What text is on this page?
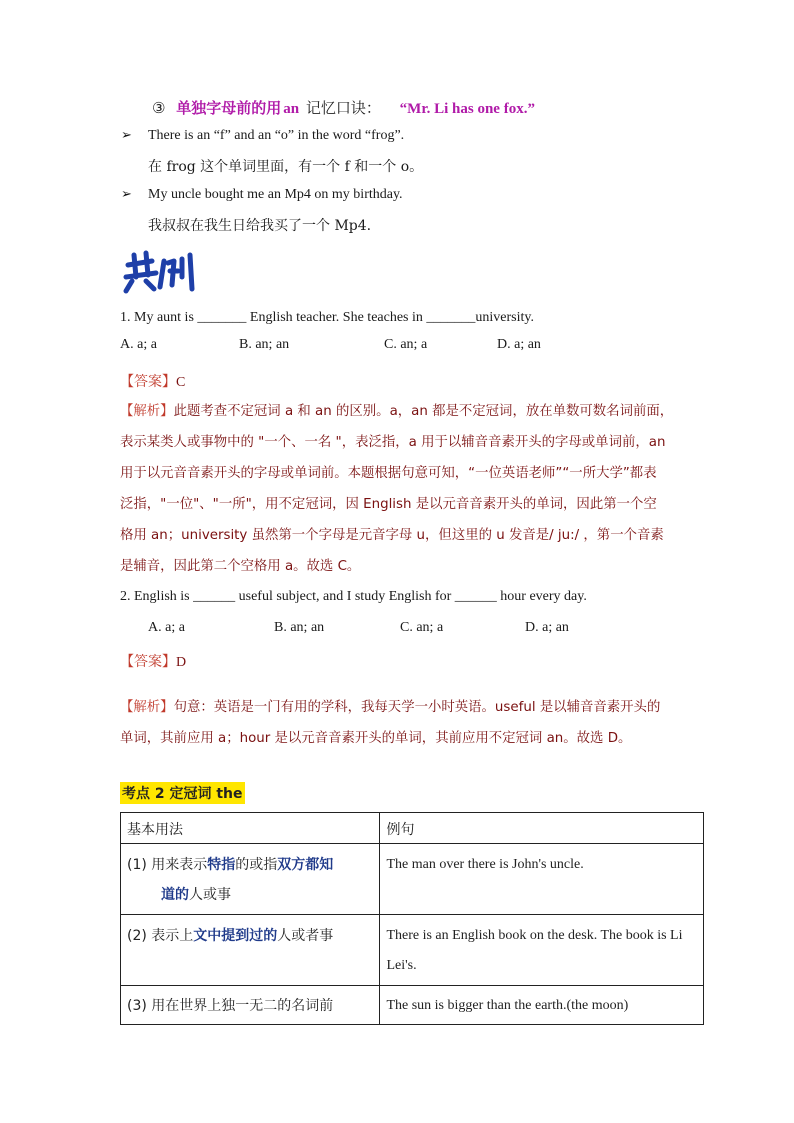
③ 单独字母前的用 an 记忆口诀： “Mr. Li has one fox.”
➢ There is an “f” and an “o” in the word “frog”.
在 frog 这个单词里面，有一个 f 和一个 o。
➢ My uncle bought me an Mp4 on my birthday.
我叔叔在我生日给我买了一个 Mp4.
1. My aunt is _______ English teacher. She teaches in _______university.
A. a; a	B. an; an	C. an; a	D. a; an
【答案】C
【解析】此题考查不定冠词 a 和 an 的区别。a，an 都是不定冠词，放在单数可数名词前面，
表示某类人或事物中的 "一个、一名 "，表泛指，a 用于以辅音音素开头的字母或单词前，an
用于以元音音素开头的字母或单词前。本题根据句意可知，“一位英语老师”“一所大学”都表
泛指，"一位"、"一所"，用不定冠词，因 English 是以元音音素开头的单词，因此第一个空
格用 an；university 虽然第一个字母是元音字母 u，但这里的 u 发音是/ ju:/ ，第一个音素
是辅音，因此第二个空格用 a。故选 C。
2. English is ______ useful subject, and I study English for ______ hour every day.
A. a; a	B. an; an	C. an; a	D. a; an
【答案】D
【解析】句意：英语是一门有用的学科，我每天学一小时英语。useful 是以辅音音素开头的
单词，其前应用 a；hour 是以元音音素开头的单词，其前应用不定冠词 an。故选 D。
考点 2 定冠词 the
基本用法	例句
(1) 用来表示特指的或指双方都知
道的人或事	The man over there is John's uncle.
(2) 表示上文中提到过的人或者事	There is an English book on the desk. The book is Li Lei's.
(3) 用在世界上独一无二的名词前	The sun is bigger than the earth.(the moon)
